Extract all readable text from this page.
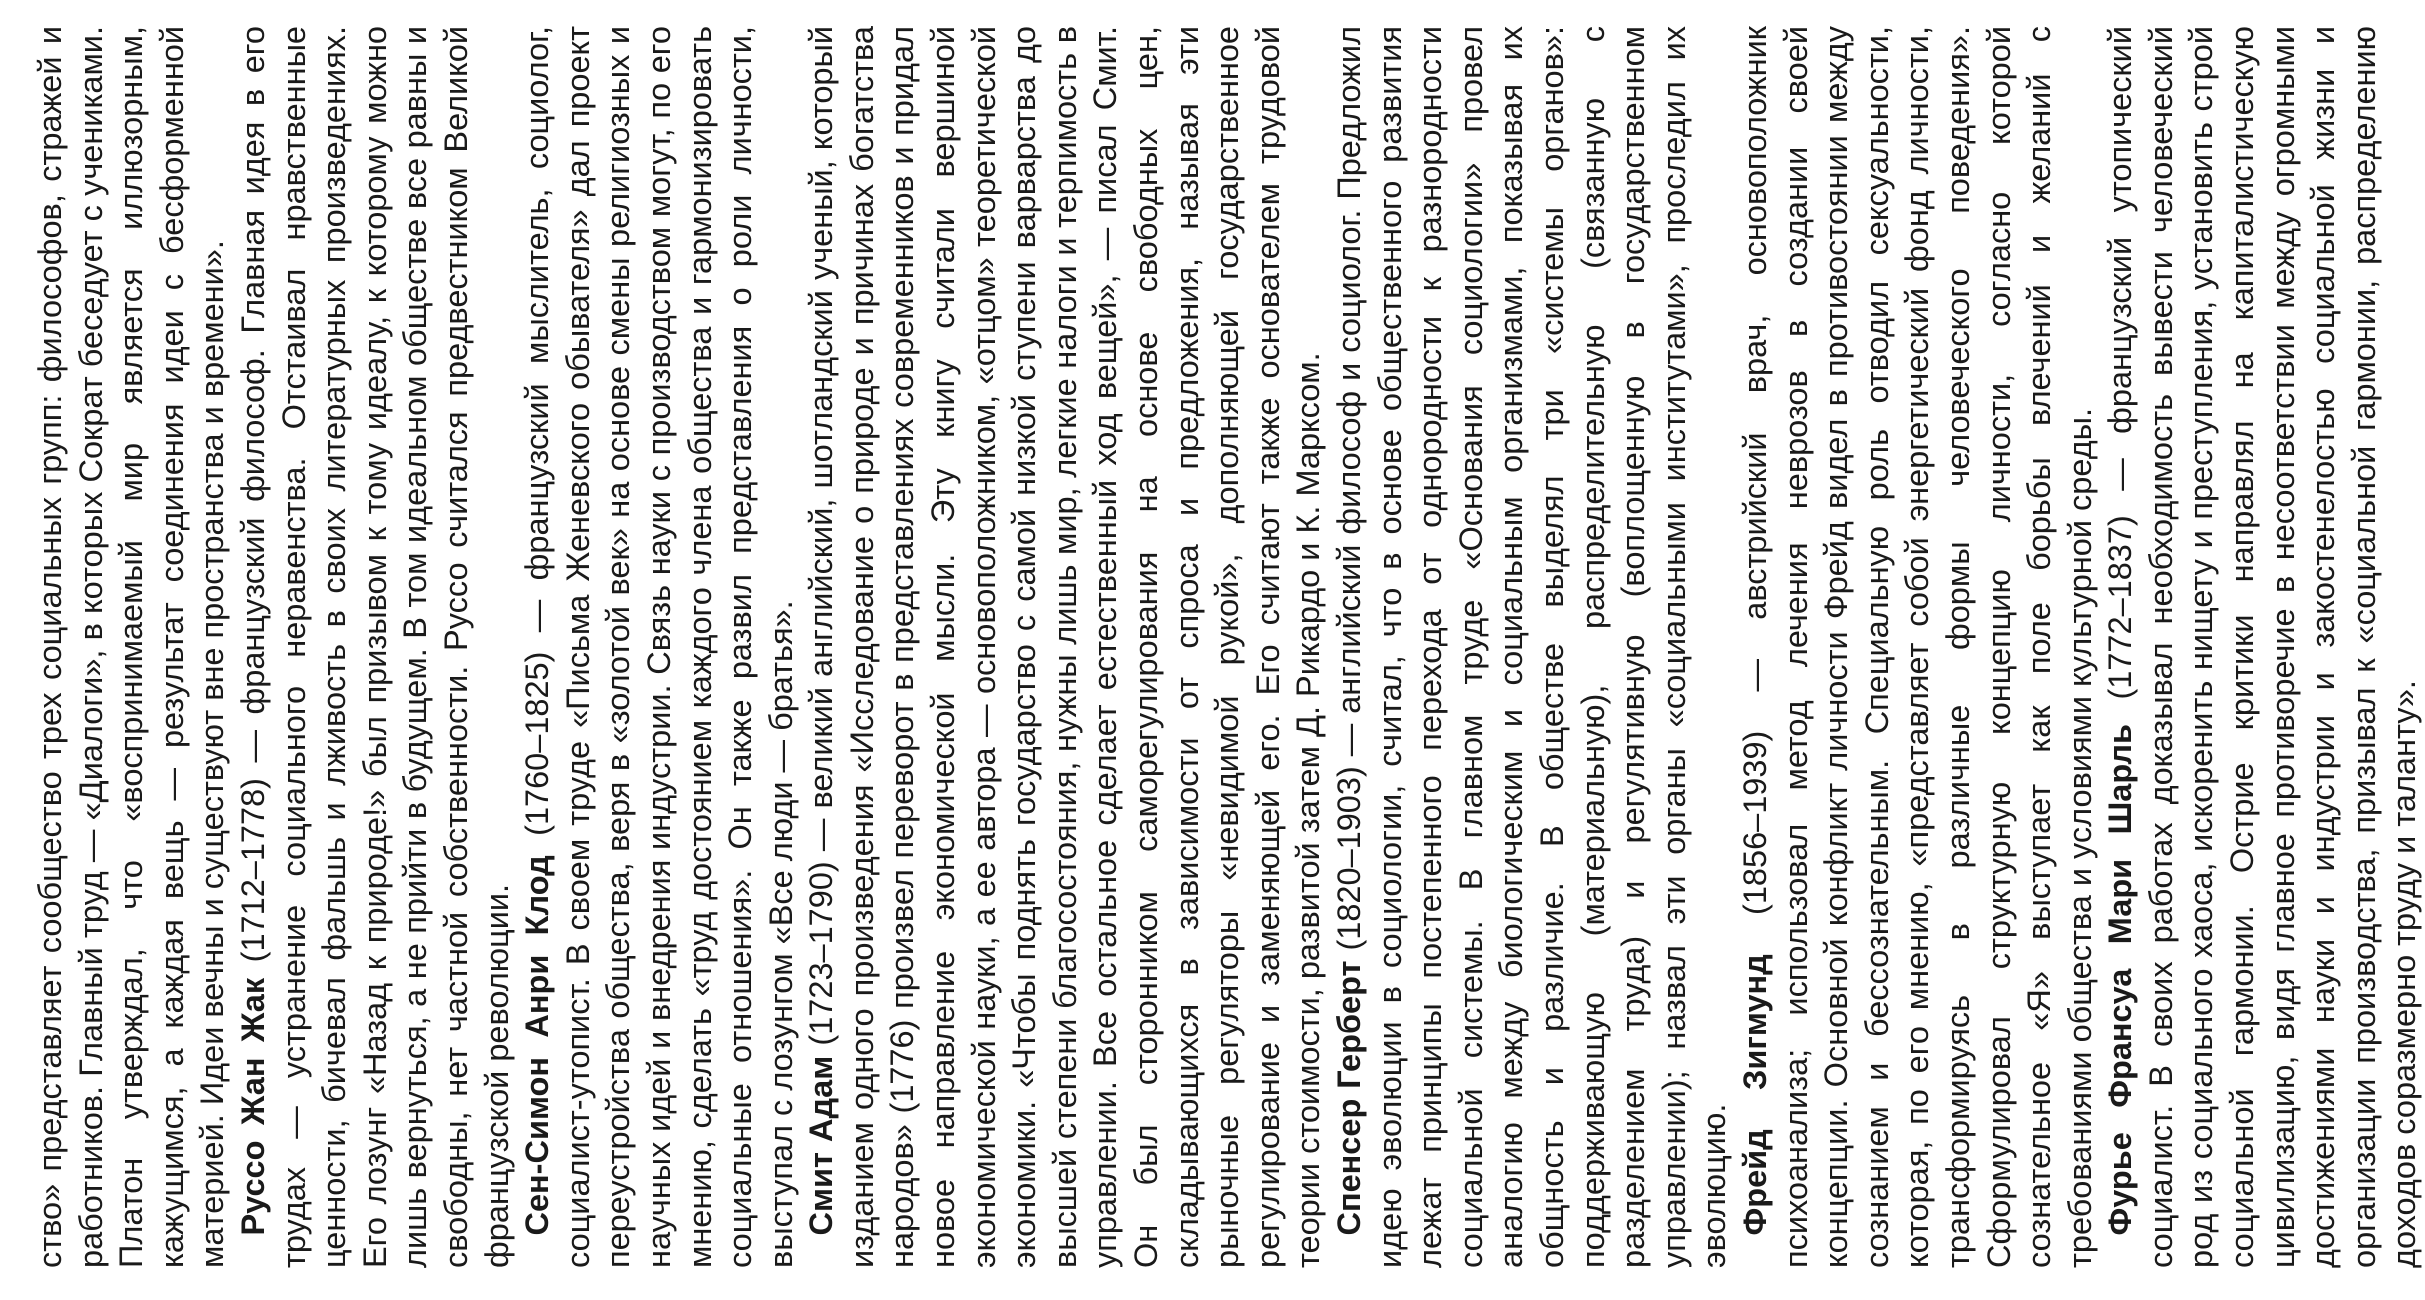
ство» представляет сообщество трех социальных групп: философов, стражей и работников. Главный труд — «Диалоги», в которых Сократ беседует с учениками. Платон утверждал, что «воспринимаемый мир является иллюзорным, кажущимся, а каждая вещь — результат соединения идеи с бесформенной материей. Идеи вечны и существуют вне пространства и времени». Руссо Жан Жак (1712–1778) — французский философ. Главная идея в его трудах — устранение социального неравенства. Отстаивал нравственные ценности, бичевал фальшь и лживость в своих литературных произведениях. Его лозунг «Назад к природе!» был призывом к тому идеалу, к которому можно лишь вернуться, а не прийти в будущем. В том идеальном обществе все равны и свободны, нет частной собственности. Руссо считался предвестником Великой французской революции. Сен-Симон Анри Клод (1760–1825) — французский мыслитель, социолог, социалист-утопист. В своем труде «Письма Женевского обывателя» дал проект переустройства общества, веря в «золотой век» на основе смены религиозных и научных идей и внедрения индустрии. Связь науки с производством могут, по его мнению, сделать «труд достоянием каждого члена общества и гармонизировать социальные отношения». Он также развил представления о роли личности, выступал с лозунгом «Все люди — братья». Смит Адам (1723–1790) — великий английский, шотландский ученый, который изданием одного произведения «Исследование о природе и причинах богатства народов» (1776) произвел переворот в представлениях современников и придал новое направление экономической мысли. Эту книгу считали вершиной экономической науки, а ее автора — основоположником, «отцом» теоретической экономики. «Чтобы поднять государство с самой низкой ступени варварства до высшей степени благосостояния, нужны лишь мир, легкие налоги и терпимость в управлении. Все остальное сделает естественный ход вещей», — писал Смит. Он был сторонником саморегулирования на основе свободных цен, складывающихся в зависимости от спроса и предложения, называя эти рыночные регуляторы «невидимой рукой», дополняющей государственное регулирование и заменяющей его. Его считают также основателем трудовой теории стоимости, развитой затем Д. Рикардо и К. Марксом. Спенсер Герберт (1820–1903) — английский философ и социолог. Предложил идею эволюции в социологии, считал, что в основе общественного развития лежат принципы постепенного перехода от однородности к разнородности социальной системы. В главном труде «Основания социологии» провел аналогию между биологическим и социальным организмами, показывая их общность и различие. В обществе выделял три «системы органов»: поддерживающую (материальную), распределительную (связанную с разделением труда) и регулятивную (воплощенную в государственном управлении); назвал эти органы «социальными институтами», проследил их эволюцию. Фрейд Зигмунд (1856–1939) — австрийский врач, основоположник психоанализа; использовал метод лечения неврозов в создании своей концепции. Основной конфликт личности Фрейд видел в противостоянии между сознанием и бессознательным. Специальную роль отводил сексуальности, которая, по его мнению, «представляет собой энергетический фонд личности, трансформируясь в различные формы человеческого поведения». Сформулировал структурную концепцию личности, согласно которой сознательное «Я» выступает как поле борьбы влечений и желаний с требованиями общества и условиями культурной среды. Фурье Франсуа Мари Шарль (1772–1837) — французский утопический социалист. В своих работах доказывал необходимость вывести человеческий род из социального хаоса, искоренить нищету и преступления, установить строй социальной гармонии. Острие критики направлял на капиталистическую цивилизацию, видя главное противоречие в несоответствии между огромными достижениями науки и индустрии и закостенелостью социальной жизни и организации производства, призывал к «социальной гармонии, распределению доходов соразмерно труду и таланту».
